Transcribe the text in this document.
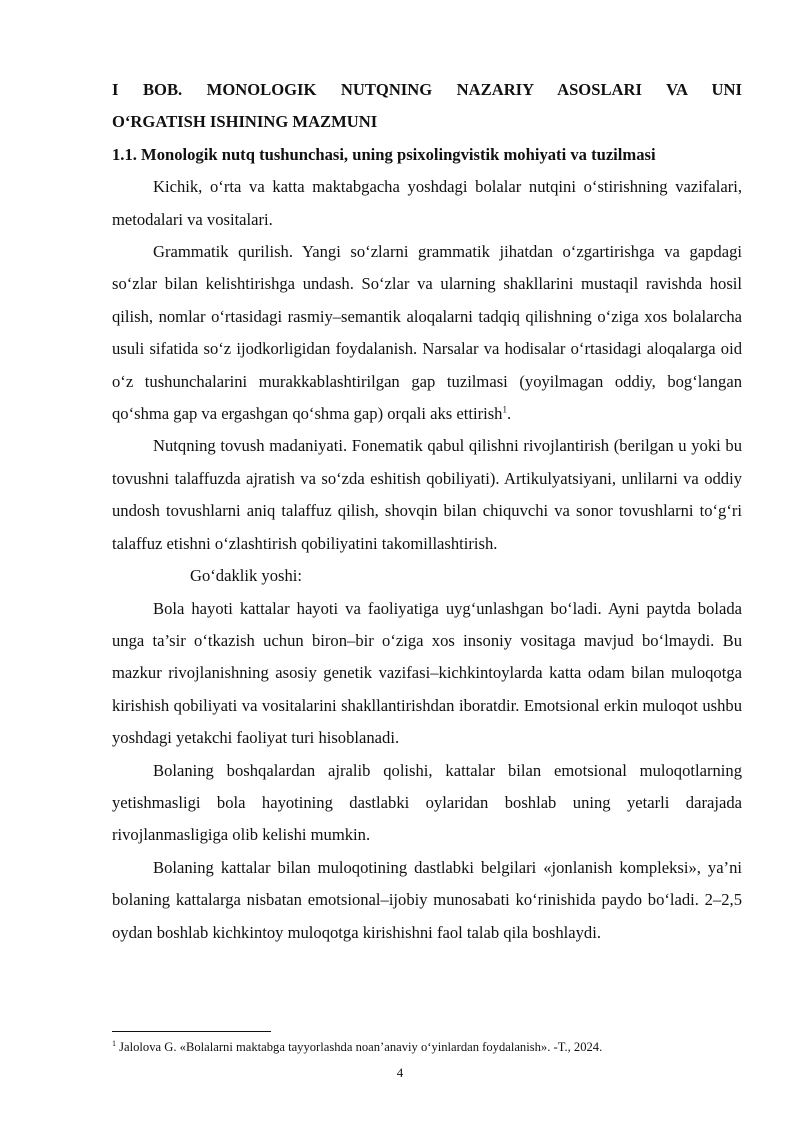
I BOB. MONOLOGIK NUTQNING NAZARIY ASOSLARI VA UNI
O‘RGATISH ISHINING MAZMUNI
1.1. Monologik nutq tushunchasi, uning psixolingvistik mohiyati va tuzilmasi

Kichik, o‘rta va katta maktabgacha yoshdagi bolalar nutqini o‘stirishning vazifalari, metodalari va vositalari.

Grammatik qurilish. Yangi so‘zlarni grammatik jihatdan o‘zgartirishga va gapdagi so‘zlar bilan kelishtirishga undash. So‘zlar va ularning shakllarini mustaqil ravishda hosil qilish, nomlar o‘rtasidagi rasmiy–semantik aloqalarni tadqiq qilishning o‘ziga xos bolalarcha usuli sifatida so‘z ijodkorligidan foydalanish. Narsalar va hodisalar o‘rtasidagi aloqalarga oid o‘z tushunchalarini murakkablashtirilgan gap tuzilmasi (yoyilmagan oddiy, bog‘langan qo‘shma gap va ergashgan qo‘shma gap) orqali aks ettirish$^1$.

Nutqning tovush madaniyati. Fonematik qabul qilishni rivojlantirish (berilgan u yoki bu tovushni talaffuzda ajratish va so‘zda eshitish qobiliyati). Artikulyatsiyani, unlilarni va oddiy undosh tovushlarni aniq talaffuz qilish, shovqin bilan chiquvchi va sonor tovushlarni to‘g‘ri talaffuz etishni o‘zlashtirish qobiliyatini takomillashtirish.

Go‘daklik yoshi:

Bola hayoti kattalar hayoti va faoliyatiga uyg‘unlashgan bo‘ladi. Ayni paytda bolada unga ta’sir o‘tkazish uchun biron–bir o‘ziga xos insoniy vositaga mavjud bo‘lmaydi. Bu mazkur rivojlanishning asosiy genetik vazifasi–kichkintoylarda katta odam bilan muloqotga kirishish qobiliyati va vositalarini shakllantirishdan iboratdir. Emotsional erkin muloqot ushbu yoshdagi yetakchi faoliyat turi hisoblanadi.

Bolaning boshqalardan ajralib qolishi, kattalar bilan emotsional muloqotlarning yetishmasligi bola hayotining dastlabki oylaridan boshlab uning yetarli darajada rivojlanmasligiga olib kelishi mumkin.

Bolaning kattalar bilan muloqotining dastlabki belgilari «jonlanish kompleksi», ya’ni bolaning kattalarga nisbatan emotsional–ijobiy munosabati ko‘rinishida paydo bo‘ladi. 2–2,5 oydan boshlab kichkintoy muloqotga kirishishni faol talab qila boshlaydi.

$^1$ Jalolova G. «Bolalarni maktabga tayyorlashda noan’anaviy o‘yinlardan foydalanish». -T., 2024.
4
